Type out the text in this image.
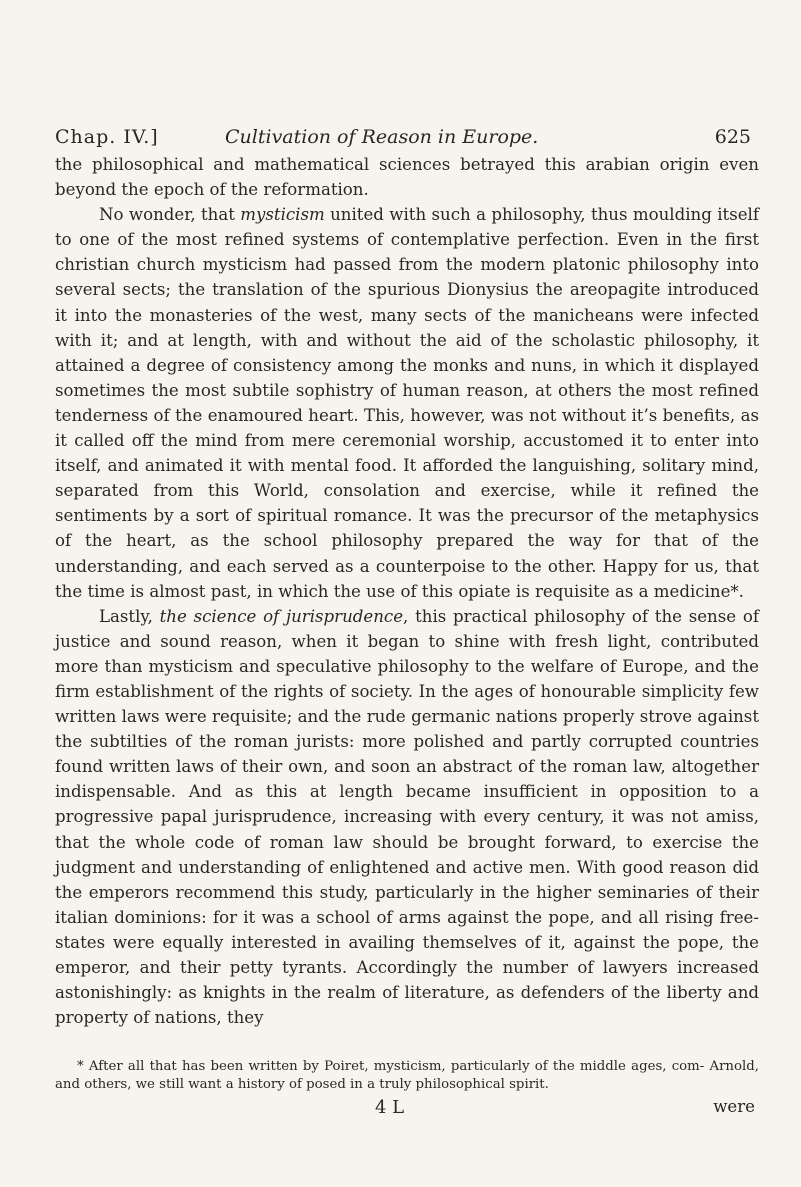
Chap. IV.]	Cultivation of Reason in Europe.	625

the philosophical and mathematical sciences betrayed this arabian origin even beyond the epoch of the reformation.

No wonder, that mysticism united with such a philosophy, thus moulding itself to one of the most refined systems of contemplative perfection. Even in the first christian church mysticism had passed from the modern platonic philosophy into several sects; the translation of the spurious Dionysius the areopagite introduced it into the monasteries of the west, many sects of the manicheans were infected with it; and at length, with and without the aid of the scholastic philosophy, it attained a degree of consistency among the monks and nuns, in which it displayed sometimes the most subtile sophistry of human reason, at others the most refined tenderness of the enamoured heart. This, however, was not without it’s benefits, as it called off the mind from mere ceremonial worship, accustomed it to enter into itself, and animated it with mental food. It afforded the languishing, solitary mind, separated from this World, consolation and exercise, while it refined the sentiments by a sort of spiritual romance. It was the precursor of the metaphysics of the heart, as the school philosophy prepared the way for that of the understanding, and each served as a counterpoise to the other. Happy for us, that the time is almost past, in which the use of this opiate is requisite as a medicine*.

Lastly, the science of jurisprudence, this practical philosophy of the sense of justice and sound reason, when it began to shine with fresh light, contributed more than mysticism and speculative philosophy to the welfare of Europe, and the firm establishment of the rights of society. In the ages of honourable simplicity few written laws were requisite; and the rude germanic nations properly strove against the subtilties of the roman jurists: more polished and partly corrupted countries found written laws of their own, and soon an abstract of the roman law, altogether indispensable. And as this at length became insufficient in opposition to a progressive papal jurisprudence, increasing with every century, it was not amiss, that the whole code of roman law should be brought forward, to exercise the judgment and understanding of enlightened and active men. With good reason did the emperors recommend this study, particularly in the higher seminaries of their italian dominions: for it was a school of arms against the pope, and all rising free-states were equally interested in availing themselves of it, against the pope, the emperor, and their petty tyrants. Accordingly the number of lawyers increased astonishingly: as knights in the realm of literature, as defenders of the liberty and property of nations, they

* After all that has been written by Poiret, mysticism, particularly of the middle ages, com- Arnold, and others, we still want a history of posed in a truly philosophical spirit.

4 L	were
